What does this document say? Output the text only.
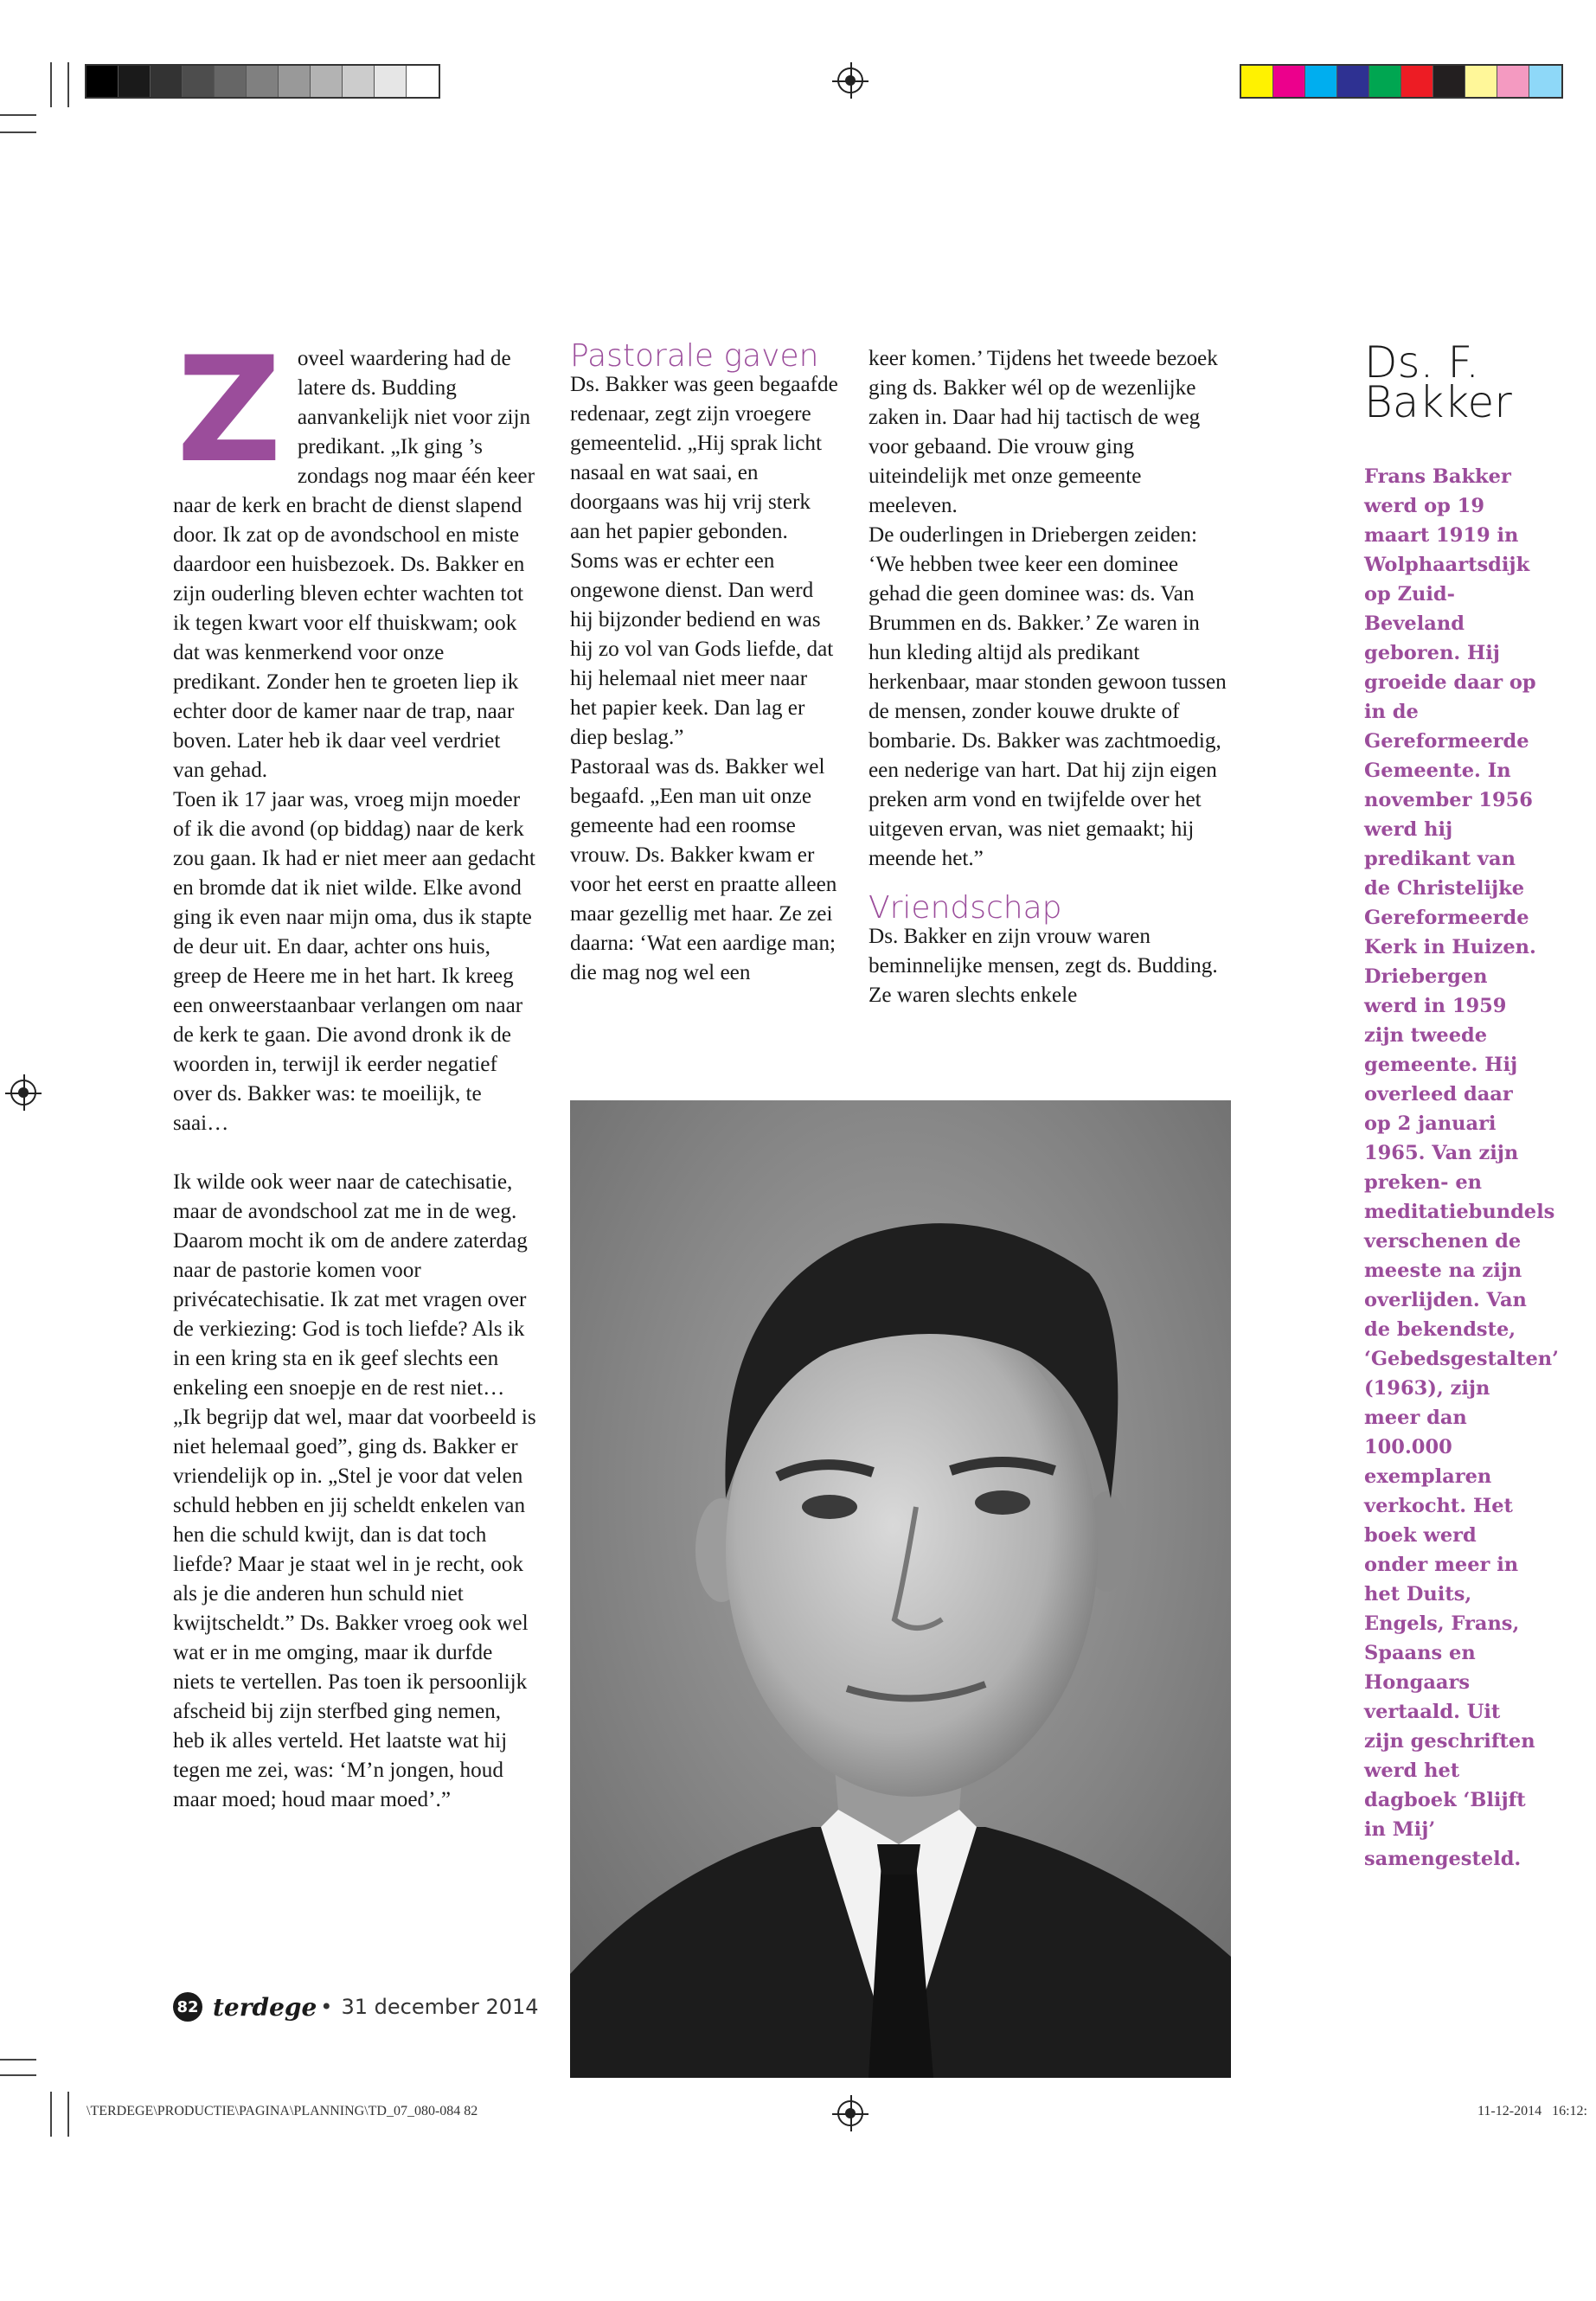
Z oveel waardering had de latere ds. Budding aanvankelijk niet voor zijn predikant. „Ik ging ’s zondags nog maar één keer naar de kerk en bracht de dienst slapend door. Ik zat op de avondschool en miste daardoor een huisbezoek. Ds. Bakker en zijn ouderling bleven echter wachten tot ik tegen kwart voor elf thuiskwam; ook dat was kenmerkend voor onze predikant. Zonder hen te groeten liep ik echter door de kamer naar de trap, naar boven. Later heb ik daar veel verdriet van gehad.

Toen ik 17 jaar was, vroeg mijn moeder of ik die avond (op biddag) naar de kerk zou gaan. Ik had er niet meer aan gedacht en bromde dat ik niet wilde. Elke avond ging ik even naar mijn oma, dus ik stapte de deur uit. En daar, achter ons huis, greep de Heere me in het hart. Ik kreeg een onweerstaanbaar verlangen om naar de kerk te gaan. Die avond dronk ik de woorden in, terwijl ik eerder negatief over ds. Bakker was: te moeilijk, te saai…

Ik wilde ook weer naar de catechisatie, maar de avondschool zat me in de weg. Daarom mocht ik om de andere zaterdag naar de pastorie komen voor privécatechisatie. Ik zat met vragen over de verkiezing: God is toch liefde? Als ik in een kring sta en ik geef slechts een enkeling een snoepje en de rest niet… „Ik begrijp dat wel, maar dat voorbeeld is niet helemaal goed”, ging ds. Bakker er vriendelijk op in. „Stel je voor dat velen schuld hebben en jij scheldt enkelen van hen die schuld kwijt, dan is dat toch liefde? Maar je staat wel in je recht, ook als je die anderen hun schuld niet kwijtscheldt.” Ds. Bakker vroeg ook wel wat er in me omging, maar ik durfde niets te vertellen. Pas toen ik persoonlijk afscheid bij zijn sterfbed ging nemen, heb ik alles verteld. Het laatste wat hij tegen me zei, was: ‘M’n jongen, houd maar moed; houd maar moed’.”

Pastorale gaven

Ds. Bakker was geen begaafde redenaar, zegt zijn vroegere gemeentelid. „Hij sprak licht nasaal en wat saai, en doorgaans was hij vrij sterk aan het papier gebonden. Soms was er echter een ongewone dienst. Dan werd hij bijzonder bediend en was hij zo vol van Gods liefde, dat hij helemaal niet meer naar het papier keek. Dan lag er diep beslag.”

Pastoraal was ds. Bakker wel begaafd. „Een man uit onze gemeente had een roomse vrouw. Ds. Bakker kwam er voor het eerst en praatte alleen maar gezellig met haar. Ze zei daarna: ‘Wat een aardige man; die mag nog wel een

keer komen.’ Tijdens het tweede bezoek ging ds. Bakker wél op de wezenlijke zaken in. Daar had hij tactisch de weg voor gebaand. Die vrouw ging uiteindelijk met onze gemeente meeleven.

De ouderlingen in Driebergen zeiden: ‘We hebben twee keer een dominee gehad die geen dominee was: ds. Van Brummen en ds. Bakker.’ Ze waren in hun kleding altijd als predikant herkenbaar, maar stonden gewoon tussen de mensen, zonder kouwe drukte of bombarie. Ds. Bakker was zachtmoedig, een nederige van hart. Dat hij zijn eigen preken arm vond en twijfelde over het uitgeven ervan, was niet gemaakt; hij meende het.”

Vriendschap

Ds. Bakker en zijn vrouw waren beminnelijke mensen, zegt ds. Budding. Ze waren slechts enkele

Ds. F.
Bakker
Frans Bakker werd op 19 maart 1919 in Wolphaartsdijk op Zuid-Beveland geboren. Hij groeide daar op in de Gereformeerde Gemeente. In november 1956 werd hij predikant van de Christelijke Gereformeerde Kerk in Huizen. Driebergen werd in 1959 zijn tweede gemeente. Hij overleed daar op 2 januari 1965. Van zijn preken- en meditatiebundels verschenen de meeste na zijn overlijden. Van de bekendste, ‘Gebedsgestalten’ (1963), zijn meer dan 100.000 exemplaren verkocht. Het boek werd onder meer in het Duits, Engels, Frans, Spaans en Hongaars vertaald. Uit zijn geschriften werd het dagboek ‘Blijft in Mij’ samengesteld.
82 terdege • 31 december 2014
\TERDEGE\PRODUCTIE\PAGINA\PLANNING\TD_07_080-084 82	11-12-2014   16:12:
